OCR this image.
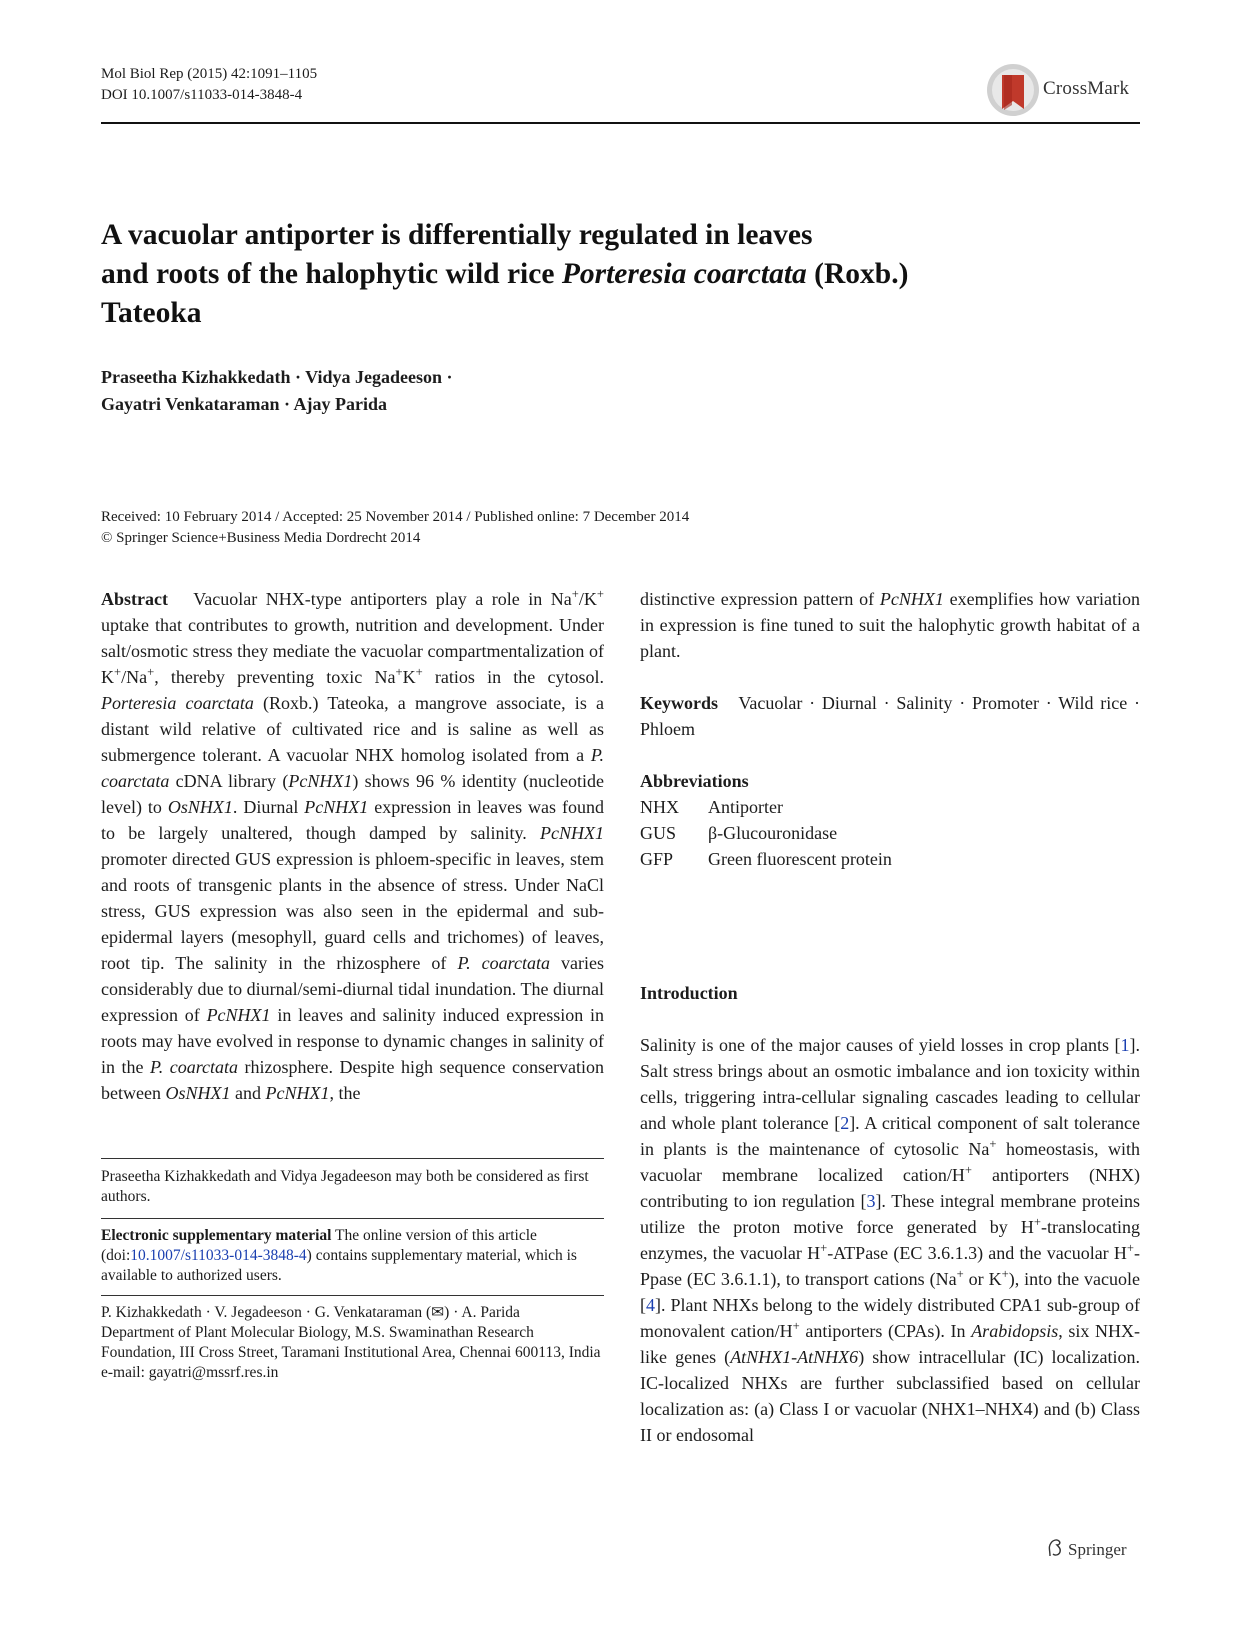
Mol Biol Rep (2015) 42:1091–1105
DOI 10.1007/s11033-014-3848-4	CrossMark
A vacuolar antiporter is differentially regulated in leaves
and roots of the halophytic wild rice Porteresia coarctata (Roxb.)
Tateoka
Praseetha Kizhakkedath · Vidya Jegadeeson ·
Gayatri Venkataraman · Ajay Parida
Received: 10 February 2014 / Accepted: 25 November 2014 / Published online: 7 December 2014
© Springer Science+Business Media Dordrecht 2014

Abstract Vacuolar NHX-type antiporters play a role in Na+/K+ uptake that contributes to growth, nutrition and development. Under salt/osmotic stress they mediate the vacuolar compartmentalization of K+/Na+, thereby preventing toxic Na+K+ ratios in the cytosol. Porteresia coarctata (Roxb.) Tateoka, a mangrove associate, is a distant wild relative of cultivated rice and is saline as well as submergence tolerant. A vacuolar NHX homolog isolated from a P. coarctata cDNA library (PcNHX1) shows 96 % identity (nucleotide level) to OsNHX1. Diurnal PcNHX1 expression in leaves was found to be largely unaltered, though damped by salinity. PcNHX1 promoter directed GUS expression is phloem-specific in leaves, stem and roots of transgenic plants in the absence of stress. Under NaCl stress, GUS expression was also seen in the epidermal and sub-epidermal layers (mesophyll, guard cells and trichomes) of leaves, root tip. The salinity in the rhizosphere of P. coarctata varies considerably due to diurnal/semi-diurnal tidal inundation. The diurnal expression of PcNHX1 in leaves and salinity induced expression in roots may have evolved in response to dynamic changes in salinity of in the P. coarctata rhizosphere. Despite high sequence conservation between OsNHX1 and PcNHX1, the

Praseetha Kizhakkedath and Vidya Jegadeeson may both be considered as first authors.

Electronic supplementary material The online version of this article (doi:10.1007/s11033-014-3848-4) contains supplementary material, which is available to authorized users.

P. Kizhakkedath · V. Jegadeeson · G. Venkataraman (✉) · A. Parida

Department of Plant Molecular Biology, M.S. Swaminathan Research Foundation, III Cross Street, Taramani Institutional Area, Chennai 600113, India

e-mail: gayatri@mssrf.res.in

distinctive expression pattern of PcNHX1 exemplifies how variation in expression is fine tuned to suit the halophytic growth habitat of a plant.

Keywords Vacuolar · Diurnal · Salinity · Promoter · Wild rice · Phloem

Abbreviations

NHX	Antiporter
GUS	β-Glucouronidase
GFP	Green fluorescent protein

Introduction

Salinity is one of the major causes of yield losses in crop plants [1]. Salt stress brings about an osmotic imbalance and ion toxicity within cells, triggering intra-cellular signaling cascades leading to cellular and whole plant tolerance [2]. A critical component of salt tolerance in plants is the maintenance of cytosolic Na+ homeostasis, with vacuolar membrane localized cation/H+ antiporters (NHX) contributing to ion regulation [3]. These integral membrane proteins utilize the proton motive force generated by H+-translocating enzymes, the vacuolar H+-ATPase (EC 3.6.1.3) and the vacuolar H+-Ppase (EC 3.6.1.1), to transport cations (Na+ or K+), into the vacuole [4]. Plant NHXs belong to the widely distributed CPA1 sub-group of monovalent cation/H+ antiporters (CPAs). In Arabidopsis, six NHX-like genes (AtNHX1-AtNHX6) show intracellular (IC) localization. IC-localized NHXs are further subclassified based on cellular localization as: (a) Class I or vacuolar (NHX1–NHX4) and (b) Class II or endosomal

Springer
